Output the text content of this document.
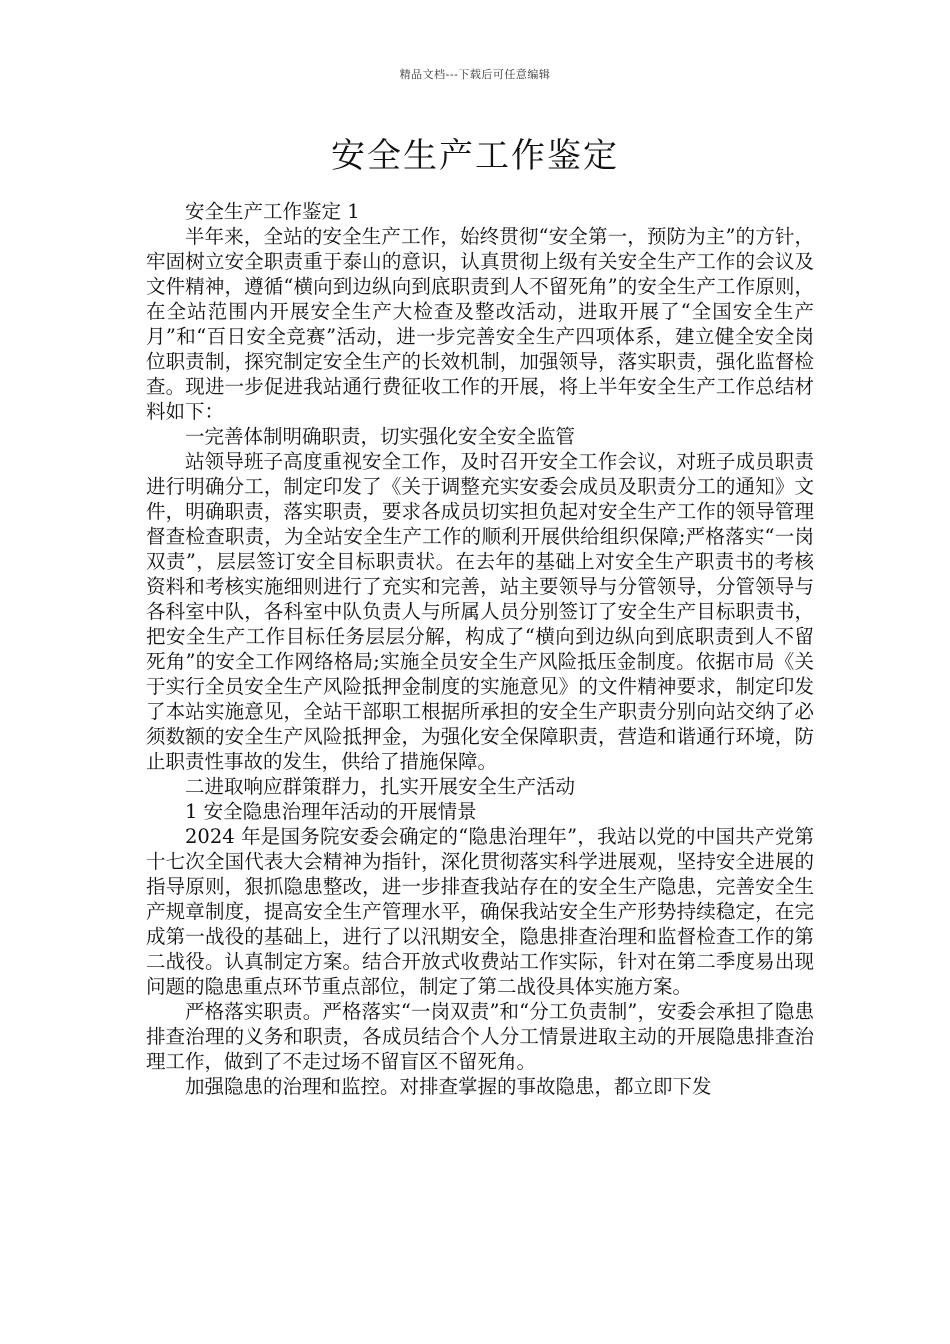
精品文档---下载后可任意编辑
安全生产工作鉴定

安全生产工作鉴定 1

半年来，全站的安全生产工作，始终贯彻“安全第一，预防为主”的方针，牢固树立安全职责重于泰山的意识，认真贯彻上级有关安全生产工作的会议及文件精神，遵循“横向到边纵向到底职责到人不留死角”的安全生产工作原则，在全站范围内开展安全生产大检查及整改活动，进取开展了“全国安全生产月”和“百日安全竞赛”活动，进一步完善安全生产四项体系，建立健全安全岗位职责制，探究制定安全生产的长效机制，加强领导，落实职责，强化监督检查。现进一步促进我站通行费征收工作的开展，将上半年安全生产工作总结材料如下：

一完善体制明确职责，切实强化安全安全监管

站领导班子高度重视安全工作，及时召开安全工作会议，对班子成员职责进行明确分工，制定印发了《关于调整充实安委会成员及职责分工的通知》文件，明确职责，落实职责，要求各成员切实担负起对安全生产工作的领导管理督查检查职责，为全站安全生产工作的顺利开展供给组织保障;严格落实“一岗双责”，层层签订安全目标职责状。在去年的基础上对安全生产职责书的考核资料和考核实施细则进行了充实和完善，站主要领导与分管领导，分管领导与各科室中队，各科室中队负责人与所属人员分别签订了安全生产目标职责书，把安全生产工作目标任务层层分解，构成了“横向到边纵向到底职责到人不留死角”的安全工作网络格局;实施全员安全生产风险抵压金制度。依据市局《关于实行全员安全生产风险抵押金制度的实施意见》的文件精神要求，制定印发了本站实施意见，全站干部职工根据所承担的安全生产职责分别向站交纳了必须数额的安全生产风险抵押金，为强化安全保障职责，营造和谐通行环境，防止职责性事故的发生，供给了措施保障。

二进取响应群策群力，扎实开展安全生产活动

1 安全隐患治理年活动的开展情景

2024 年是国务院安委会确定的“隐患治理年”，我站以党的中国共产党第十七次全国代表大会精神为指针，深化贯彻落实科学进展观，坚持安全进展的指导原则，狠抓隐患整改，进一步排查我站存在的安全生产隐患，完善安全生产规章制度，提高安全生产管理水平，确保我站安全生产形势持续稳定，在完成第一战役的基础上，进行了以汛期安全，隐患排查治理和监督检查工作的第二战役。认真制定方案。结合开放式收费站工作实际，针对在第二季度易出现问题的隐患重点环节重点部位，制定了第二战役具体实施方案。

严格落实职责。严格落实“一岗双责”和“分工负责制”，安委会承担了隐患排查治理的义务和职责，各成员结合个人分工情景进取主动的开展隐患排查治理工作，做到了不走过场不留盲区不留死角。

加强隐患的治理和监控。对排查掌握的事故隐患，都立即下发
